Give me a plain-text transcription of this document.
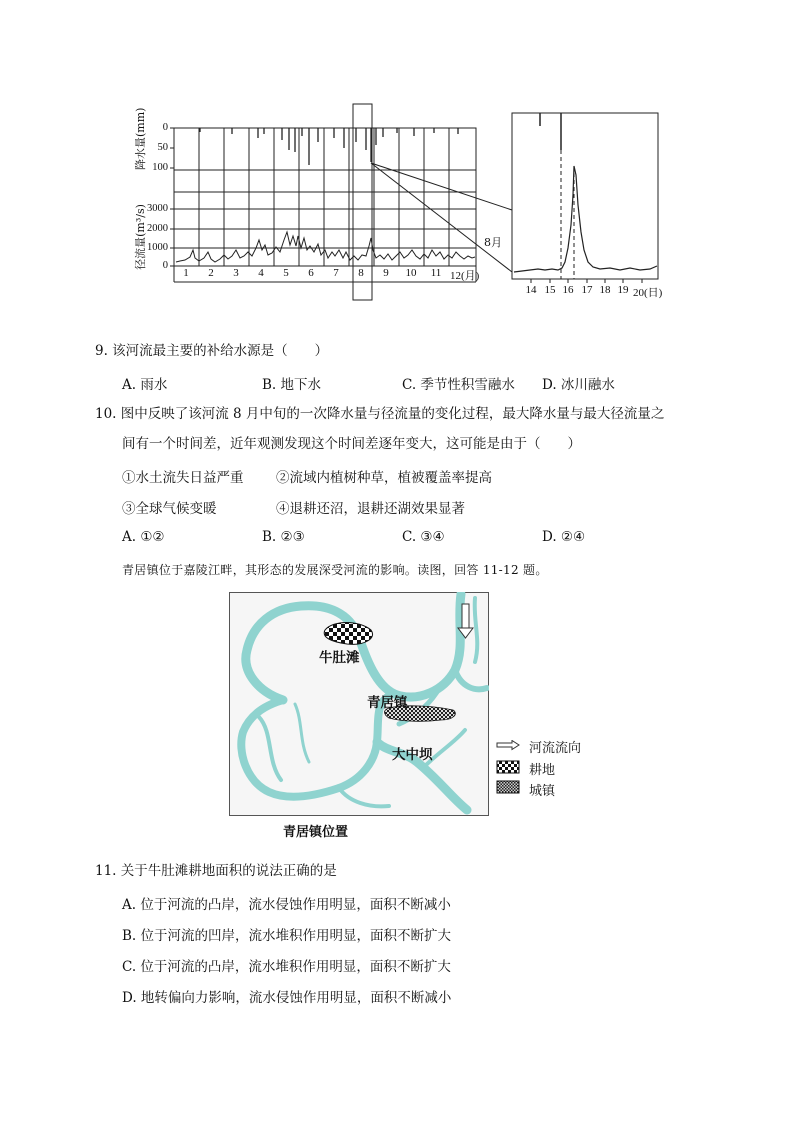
降水量(mm)
径流量(m³/s)
0
50
100
3000
2000
1000
0
1	2	3	4	5	6	7	8	9	10	11 12(月)
8月
14 15 16 17 18 19 20(日)
9. 该河流最主要的补给水源是（　　）
A. 雨水	B. 地下水	C. 季节性积雪融水 D. 冰川融水
10. 图中反映了该河流 8 月中旬的一次降水量与径流量的变化过程，最大降水量与最大径流量之
间有一个时间差，近年观测发现这个时间差逐年变大，这可能是由于（　　）
①水土流失日益严重 ②流域内植树种草，植被覆盖率提高
③全球气候变暖	④退耕还沼，退耕还湖效果显著
A. ①②	B. ②③	C. ③④	D. ②④
青居镇位于嘉陵江畔，其形态的发展深受河流的影响。读图，回答 11-12 题。
牛肚滩
青居镇
大中坝
青居镇位置
河流流向
耕地
城镇
11. 关于牛肚滩耕地面积的说法正确的是
A. 位于河流的凸岸，流水侵蚀作用明显，面积不断减小
B. 位于河流的凹岸，流水堆积作用明显，面积不断扩大
C. 位于河流的凸岸，流水堆积作用明显，面积不断扩大
D. 地转偏向力影响，流水侵蚀作用明显，面积不断减小
